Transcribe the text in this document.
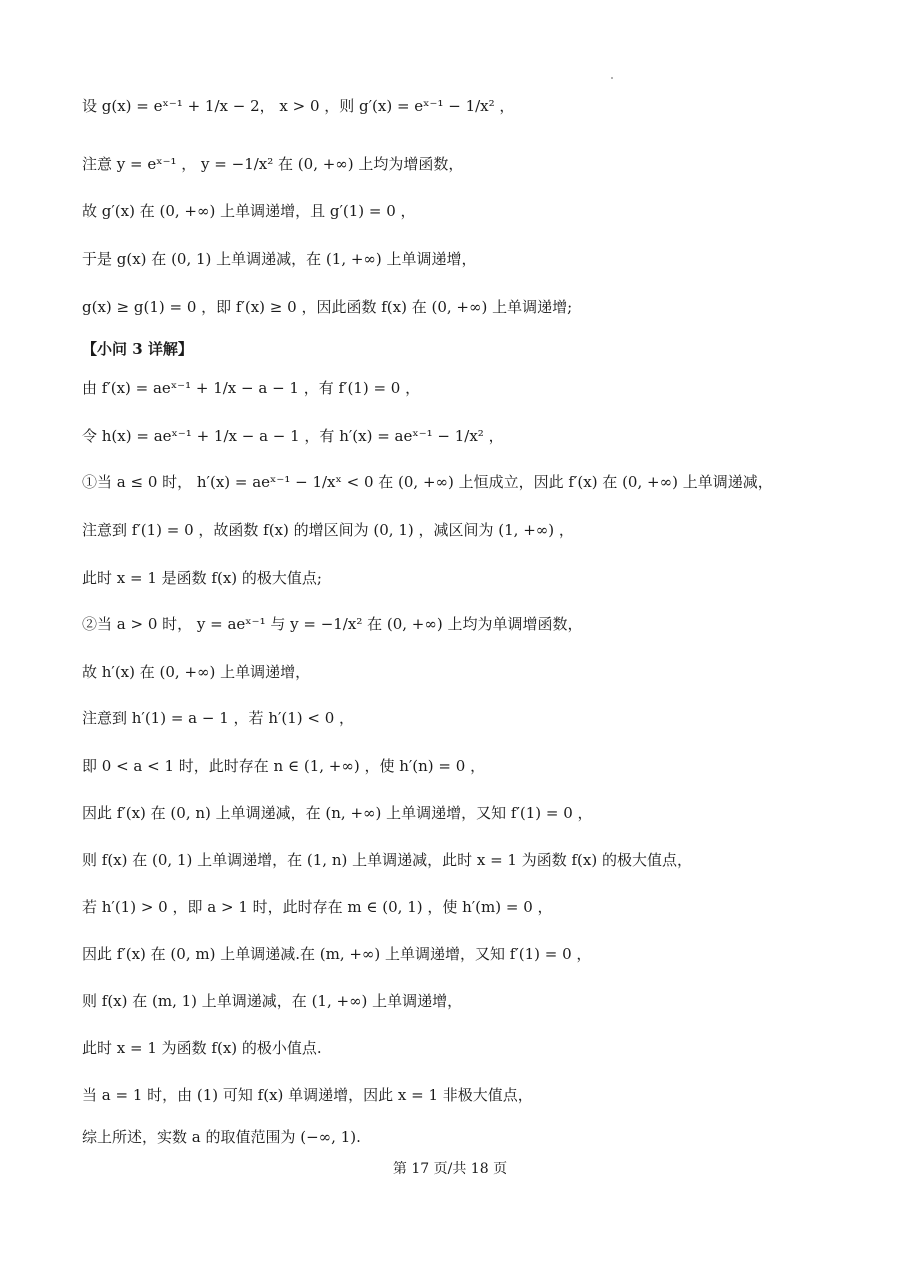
设 g(x) = eˣ⁻¹ + 1/x − 2， x > 0 ，则 g′(x) = eˣ⁻¹ − 1/x² ，
注意 y = eˣ⁻¹ ， y = −1/x² 在 (0, +∞) 上均为增函数，
故 g′(x) 在 (0, +∞) 上单调递增，且 g′(1) = 0 ，
于是 g(x) 在 (0, 1) 上单调递减，在 (1, +∞) 上单调递增，
g(x) ≥ g(1) = 0 ，即 f′(x) ≥ 0 ，因此函数 f(x) 在 (0, +∞) 上单调递增;
【小问 3 详解】
由 f′(x) = aeˣ⁻¹ + 1/x − a − 1 ，有 f′(1) = 0 ，
令 h(x) = aeˣ⁻¹ + 1/x − a − 1 ，有 h′(x) = aeˣ⁻¹ − 1/x² ，
①当 a ≤ 0 时， h′(x) = aeˣ⁻¹ − 1/xˣ < 0 在 (0, +∞) 上恒成立，因此 f′(x) 在 (0, +∞) 上单调递减，
注意到 f′(1) = 0 ，故函数 f(x) 的增区间为 (0, 1) ，减区间为 (1, +∞) ，
此时 x = 1 是函数 f(x) 的极大值点;
②当 a > 0 时， y = aeˣ⁻¹ 与 y = −1/x² 在 (0, +∞) 上均为单调增函数，
故 h′(x) 在 (0, +∞) 上单调递增，
注意到 h′(1) = a − 1 ，若 h′(1) < 0 ，
即 0 < a < 1 时，此时存在 n ∈ (1, +∞) ，使 h′(n) = 0 ，
因此 f′(x) 在 (0, n) 上单调递减，在 (n, +∞) 上单调递增，又知 f′(1) = 0 ，
则 f(x) 在 (0, 1) 上单调递增，在 (1, n) 上单调递减，此时 x = 1 为函数 f(x) 的极大值点，
若 h′(1) > 0 ，即 a > 1 时，此时存在 m ∈ (0, 1) ，使 h′(m) = 0 ，
因此 f′(x) 在 (0, m) 上单调递减.在 (m, +∞) 上单调递增，又知 f′(1) = 0 ，
则 f(x) 在 (m, 1) 上单调递减，在 (1, +∞) 上单调递增，
此时 x = 1 为函数 f(x) 的极小值点.
当 a = 1 时，由 (1) 可知 f(x) 单调递增，因此 x = 1 非极大值点，
综上所述，实数 a 的取值范围为 (−∞, 1).
第 17 页/共 18 页
